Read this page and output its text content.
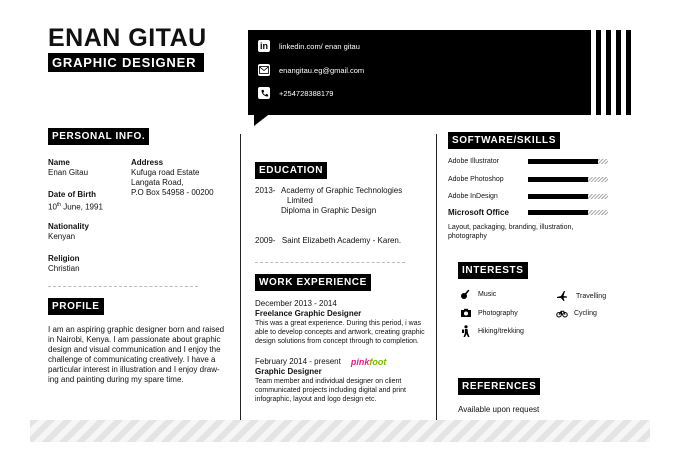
ENAN GITAU
GRAPHIC DESIGNER
in linkedin.com/ enan gitau
enangitau.eg@gmail.com
+254728388179
PERSONAL INFO.
Name
Enan Gitau
Date of Birth
10th June, 1991
Nationality
Kenyan
Religion
Christian
Address
Kufuga road Estate
Langata Road,
P.O Box 54958 - 00200
PROFILE
I am an aspiring graphic designer born and raised
in Nairobi, Kenya. I am passionate about graphic
design and visual communication and I enjoy the
challenge of communicating creatively. I have a
particular interest in illustration and I enjoy draw-
ing and painting during my spare time.
EDUCATION
2013- Academy of Graphic Technologies
Limited
Diploma in Graphic Design
2009- Saint Elizabeth Academy - Karen.
WORK EXPERIENCE
December 2013 - 2014
Freelance Graphic Designer
This was a great experience. During this period, i was
able to develop concepts and artwork, creating graphic
design solutions from concept through to completion.
February 2014 - present pinkfoot
Graphic Designer
Team member and individual designer on client
communicated projects including digital and print
infographic, layout and logo design etc.
SOFTWARE/SKILLS
Adobe Illustrator
Adobe Photoshop
Adobe InDesign
Microsoft Office
Layout, packaging, branding, illustration,
photography
INTERESTS
Music	Travelling
Photography	Cycling
Hiking/trekking
REFERENCES
Available upon request
